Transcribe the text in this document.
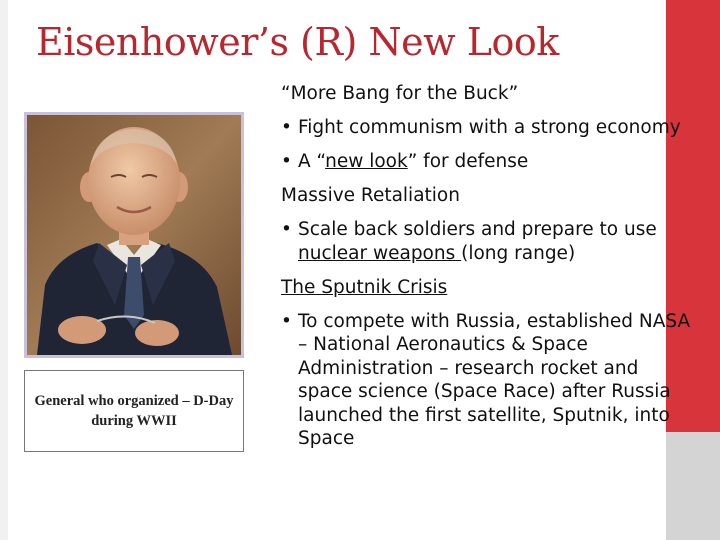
Eisenhower’s (R) New Look
General who organized – D-Day during WWII

“More Bang for the Buck”

• Fight communism with a strong economy
• A “new look” for defense

Massive Retaliation

• Scale back soldiers and prepare to use nuclear weapons (long range)

The Sputnik Crisis

• To compete with Russia, established NASA – National Aeronautics & Space Administration – research rocket and space science (Space Race) after Russia launched the first satellite, Sputnik, into Space
